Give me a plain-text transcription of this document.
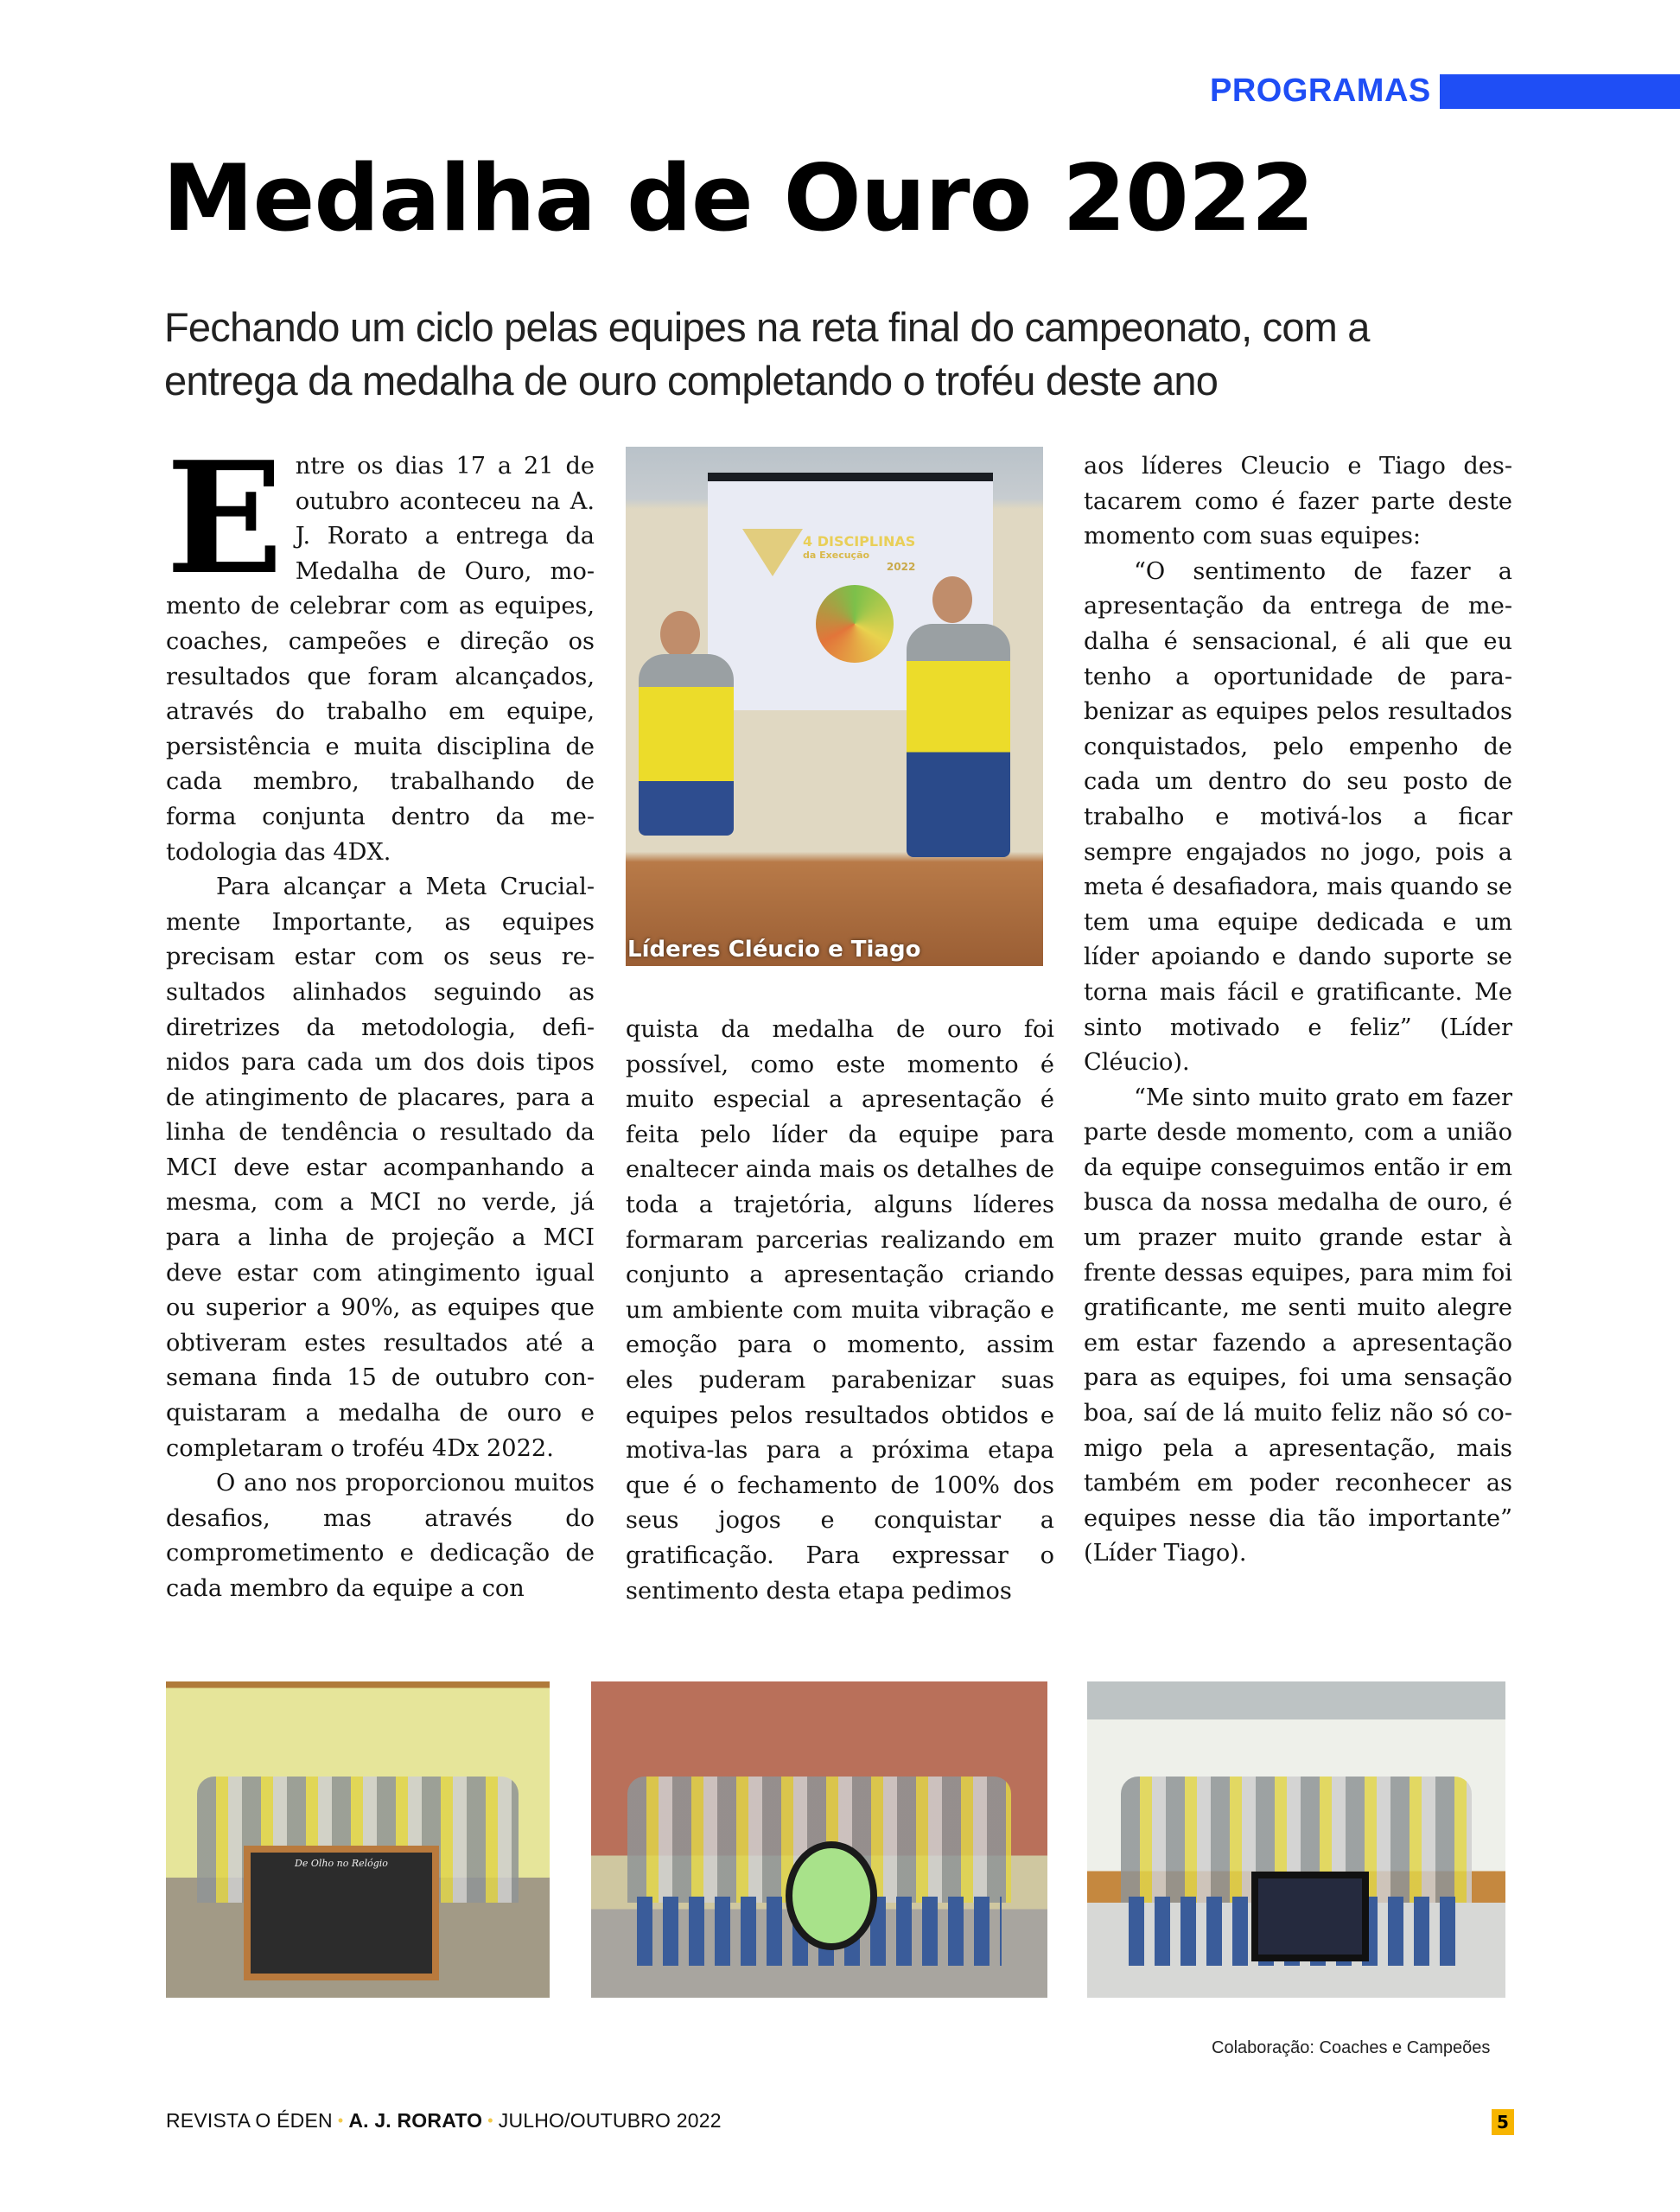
PROGRAMAS
Medalha de Ouro 2022

Fechando um ciclo pelas equipes na reta final do campeonato, com a entrega da medalha de ouro completando o troféu deste ano

Entre os dias 17 a 21 de outubro aconteceu na A. J. Rorato a entrega da Medalha de Ouro, momento de celebrar com as equipes, coaches, campeões e direção os resultados que foram alcançados, através do trabalho em equipe, persistência e muita disciplina de cada membro, trabalhando de forma conjunta dentro da metodologia das 4DX.

Para alcançar a Meta Crucialmente Importante, as equipes precisam estar com os seus resultados alinhados seguindo as diretrizes da metodologia, definidos para cada um dos dois tipos de atingimento de placares, para a linha de tendência o resultado da MCI deve estar acompanhando a mesma, com a MCI no verde, já para a linha de projeção a MCI deve estar com atingimento igual ou superior a 90%, as equipes que obtiveram estes resultados até a semana finda 15 de outubro conquistaram a medalha de ouro e completaram o troféu 4Dx 2022.

O ano nos proporcionou muitos desafios, mas através do comprometimento e dedicação de cada membro da equipe a con

4 DISCIPLINAS
da Execução
2022
Líderes Cléucio e Tiago

quista da medalha de ouro foi possível, como este momento é muito especial a apresentação é feita pelo líder da equipe para enaltecer ainda mais os detalhes de toda a trajetória, alguns líderes formaram parcerias realizando em conjunto a apresentação criando um ambiente com muita vibração e emoção para o momento, assim eles puderam parabenizar suas equipes pelos resultados obtidos e motiva-las para a próxima etapa que é o fechamento de 100% dos seus jogos e conquistar a gratificação. Para expressar o sentimento desta etapa pedimos

aos líderes Cleucio e Tiago destacarem como é fazer parte deste momento com suas equipes:

“O sentimento de fazer a apresentação da entrega de medalha é sensacional, é ali que eu tenho a oportunidade de parabenizar as equipes pelos resultados conquistados, pelo empenho de cada um dentro do seu posto de trabalho e motivá-los a ficar sempre engajados no jogo, pois a meta é desafiadora, mais quando se tem uma equipe dedicada e um líder apoiando e dando suporte se torna mais fácil e gratificante. Me sinto motivado e feliz” (Líder Cléucio).

“Me sinto muito grato em fazer parte desde momento, com a união da equipe conseguimos então ir em busca da nossa medalha de ouro, é um prazer muito grande estar à frente dessas equipes, para mim foi gratificante, me senti muito alegre em estar fazendo a apresentação para as equipes, foi uma sensação boa, saí de lá muito feliz não só comigo pela a apresentação, mais também em poder reconhecer as equipes nesse dia tão importante” (Líder Tiago).

De Olho no Relógio
Colaboração: Coaches e Campeões
REVISTA O ÉDEN • A. J. RORATO • JULHO/OUTUBRO 2022	5
